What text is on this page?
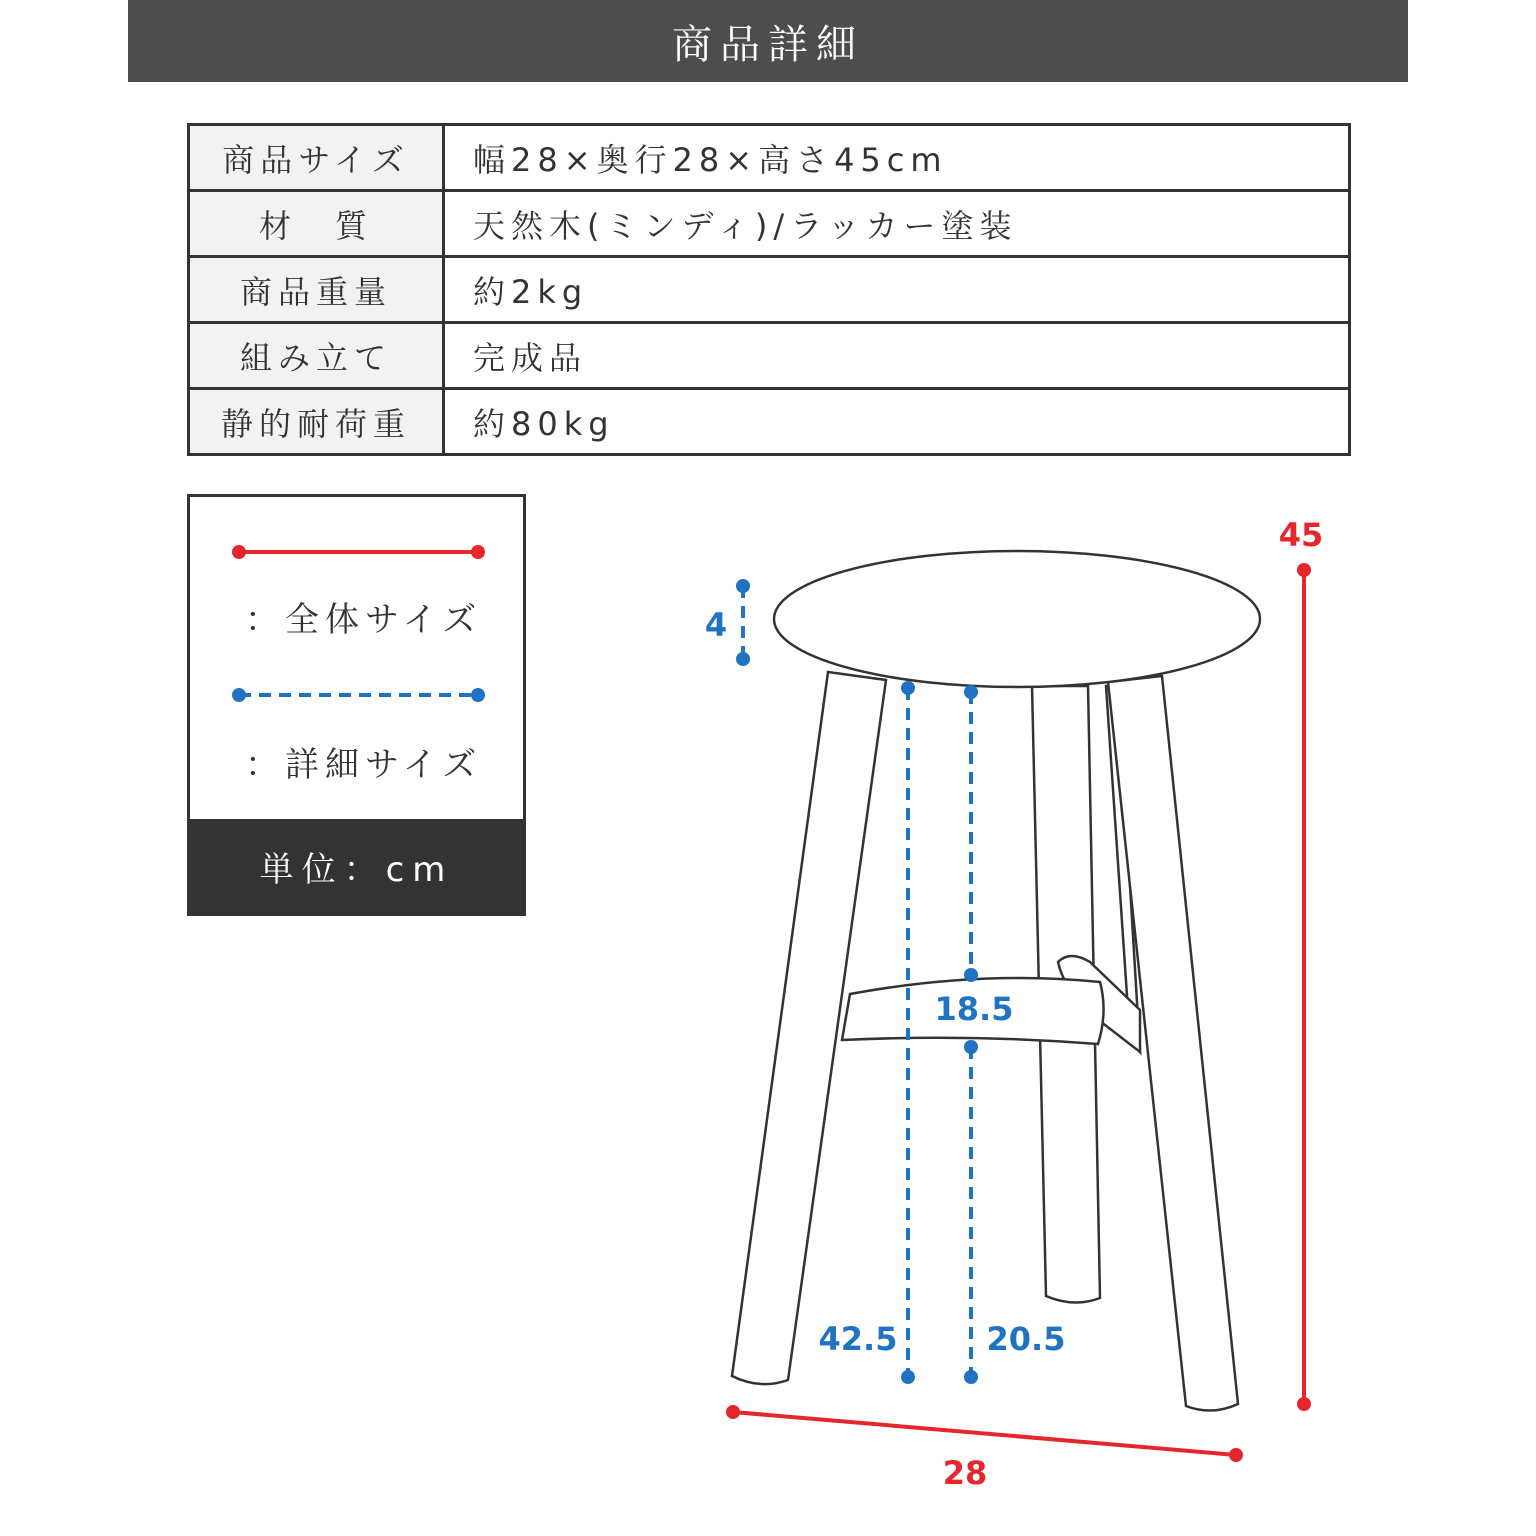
商品詳細
商品サイズ	幅28×奥行28×高さ45cm
材　質	天然木(ミンディ)/ラッカー塗装
商品重量	約2kg
組み立て	完成品
静的耐荷重	約80kg
：全体サイズ
：詳細サイズ
単位：cm
45
28
4
42.5
18.5
20.5
